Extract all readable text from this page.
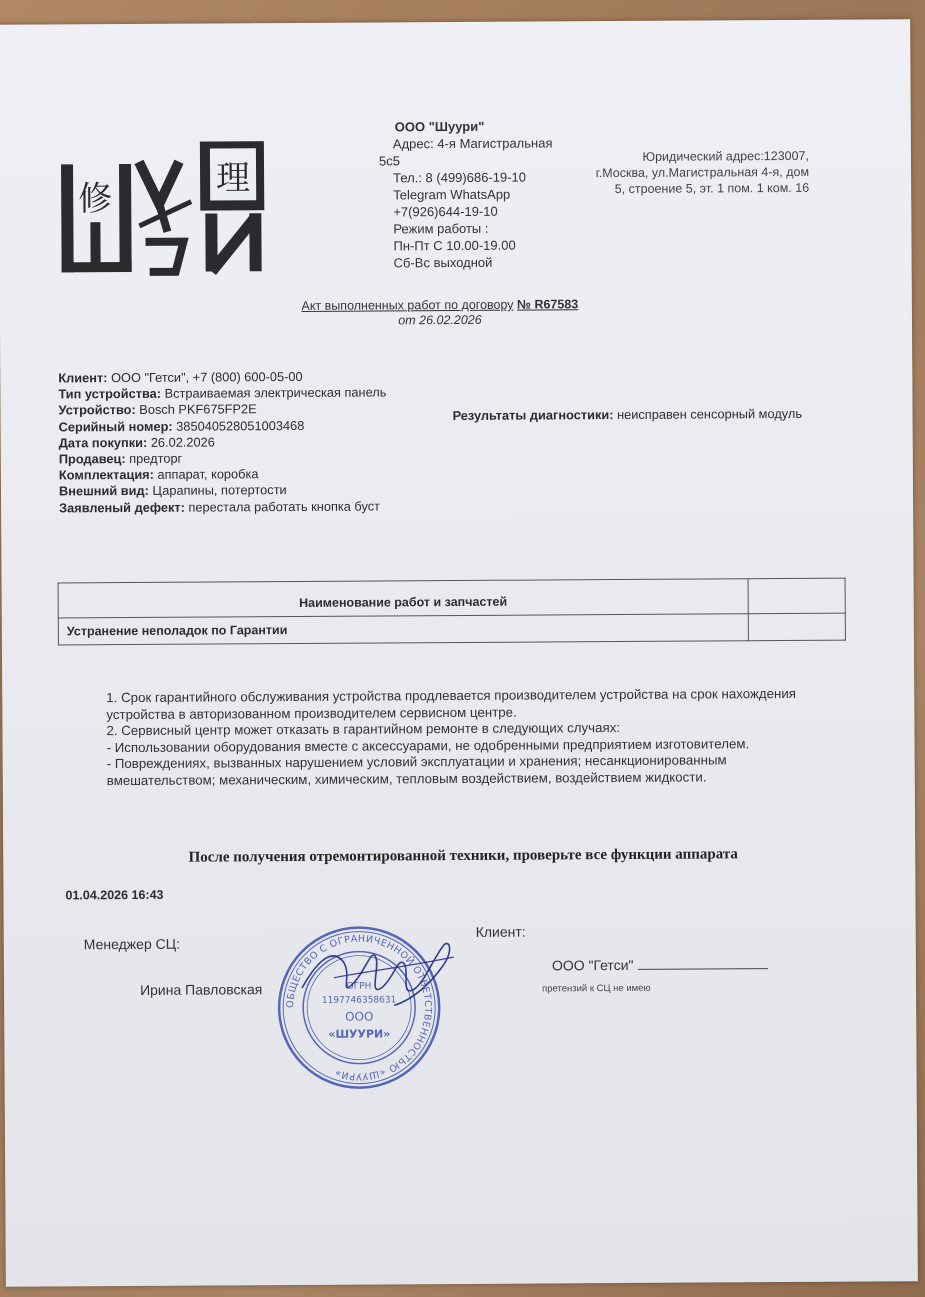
修
理
ООО "Шуури"
Адрес: 4-я Магистральная
5с5
Тел.: 8 (499)686-19-10
Telegram WhatsApp
+7(926)644-19-10
Режим работы :
Пн-Пт С 10.00-19.00
Сб-Вс выходной
Юридический адрес:123007,
г.Москва, ул.Магистральная 4-я, дом
5, строение 5, эт. 1 пом. 1 ком. 16
Акт выполненных работ по договору № R67583
от 26.02.2026
Клиент: ООО "Гетси", +7 (800) 600-05-00
Тип устройства: Встраиваемая электрическая панель
Устройство: Bosch PKF675FP2E
Серийный номер: 385040528051003468
Дата покупки: 26.02.2026
Продавец: предторг
Комплектация: аппарат, коробка
Внешний вид: Царапины, потертости
Заявленый дефект: перестала работать кнопка буст
Результаты диагностики: неисправен сенсорный модуль
Наименование работ и запчастей	
Устранение неполадок по Гарантии	

1. Срок гарантийного обслуживания устройства продлевается производителем устройства на срок нахождения устройства в авторизованном производителем сервисном центре.

2. Сервисный центр может отказать в гарантийном ремонте в следующих случаях:

- Использовании оборудования вместе с аксессуарами, не одобренными предприятием изготовителем.

- Повреждениях, вызванных нарушением условий эксплуатации и хранения; несанкционированным вмешательством; механическим, химическим, тепловым воздействием, воздействием жидкости.

После получения отремонтированной техники, проверьте все функции аппарата
01.04.2026 16:43
Менеджер СЦ:
Ирина Павловская
Клиент:
ООО "Гетси"
претензий к СЦ не имею
ОБЩЕСТВО С ОГРАНИЧЕННОЙ ОТВЕТСТВЕННОСТЬЮ «ШУУРИ»
ОГРН
1197746358631
ООО
«ШУУРИ»
